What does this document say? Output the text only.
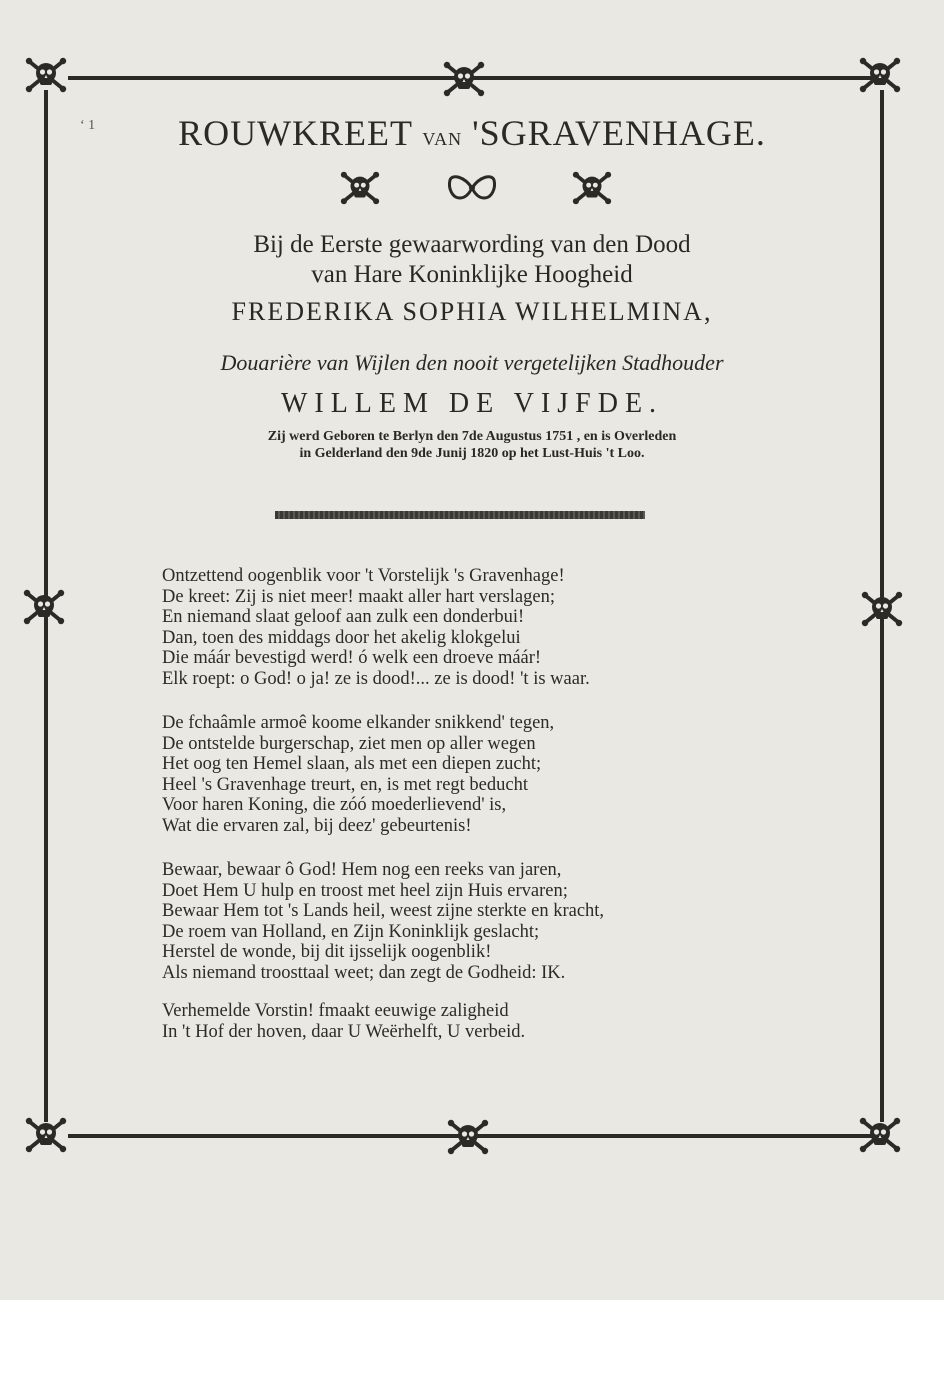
‘ 1	ROUWKREET VAN 'SGRAVENHAGE.
Bij de Eerste gewaarwording van den Dood
van Hare Koninklijke Hoogheid
FREDERIKA SOPHIA WILHELMINA,
Douarière van Wijlen den nooit vergetelijken Stadhouder
WILLEM DE VIJFDE.
Zij werd Geboren te Berlyn den 7de Augustus 1751 , en is Overleden
in Gelderland den 9de Junij 1820 op het Lust-Huis 't Loo.
Ontzettend oogenblik voor 't Vorstelijk 's Gravenhage!
De kreet: Zij is niet meer! maakt aller hart verslagen;
En niemand slaat geloof aan zulk een donderbui!
Dan, toen des middags door het akelig klokgelui
Die máár bevestigd werd! ó welk een droeve máár!
Elk roept: o God! o ja! ze is dood!... ze is dood! 't is waar.
De fchaâmle armoê koome elkander snikkend' tegen,
De ontstelde burgerschap, ziet men op aller wegen
Het oog ten Hemel slaan, als met een diepen zucht;
Heel 's Gravenhage treurt, en, is met regt beducht
Voor haren Koning, die zóó moederlievend' is,
Wat die ervaren zal, bij deez' gebeurtenis!
Bewaar, bewaar ô God! Hem nog een reeks van jaren,
Doet Hem U hulp en troost met heel zijn Huis ervaren;
Bewaar Hem tot 's Lands heil, weest zijne sterkte en kracht,
De roem van Holland, en Zijn Koninklijk geslacht;
Herstel de wonde, bij dit ijsselijk oogenblik!
Als niemand troosttaal weet; dan zegt de Godheid: IK.
Verhemelde Vorstin! fmaakt eeuwige zaligheid
In 't Hof der hoven, daar U Weërhelft, U verbeid.
